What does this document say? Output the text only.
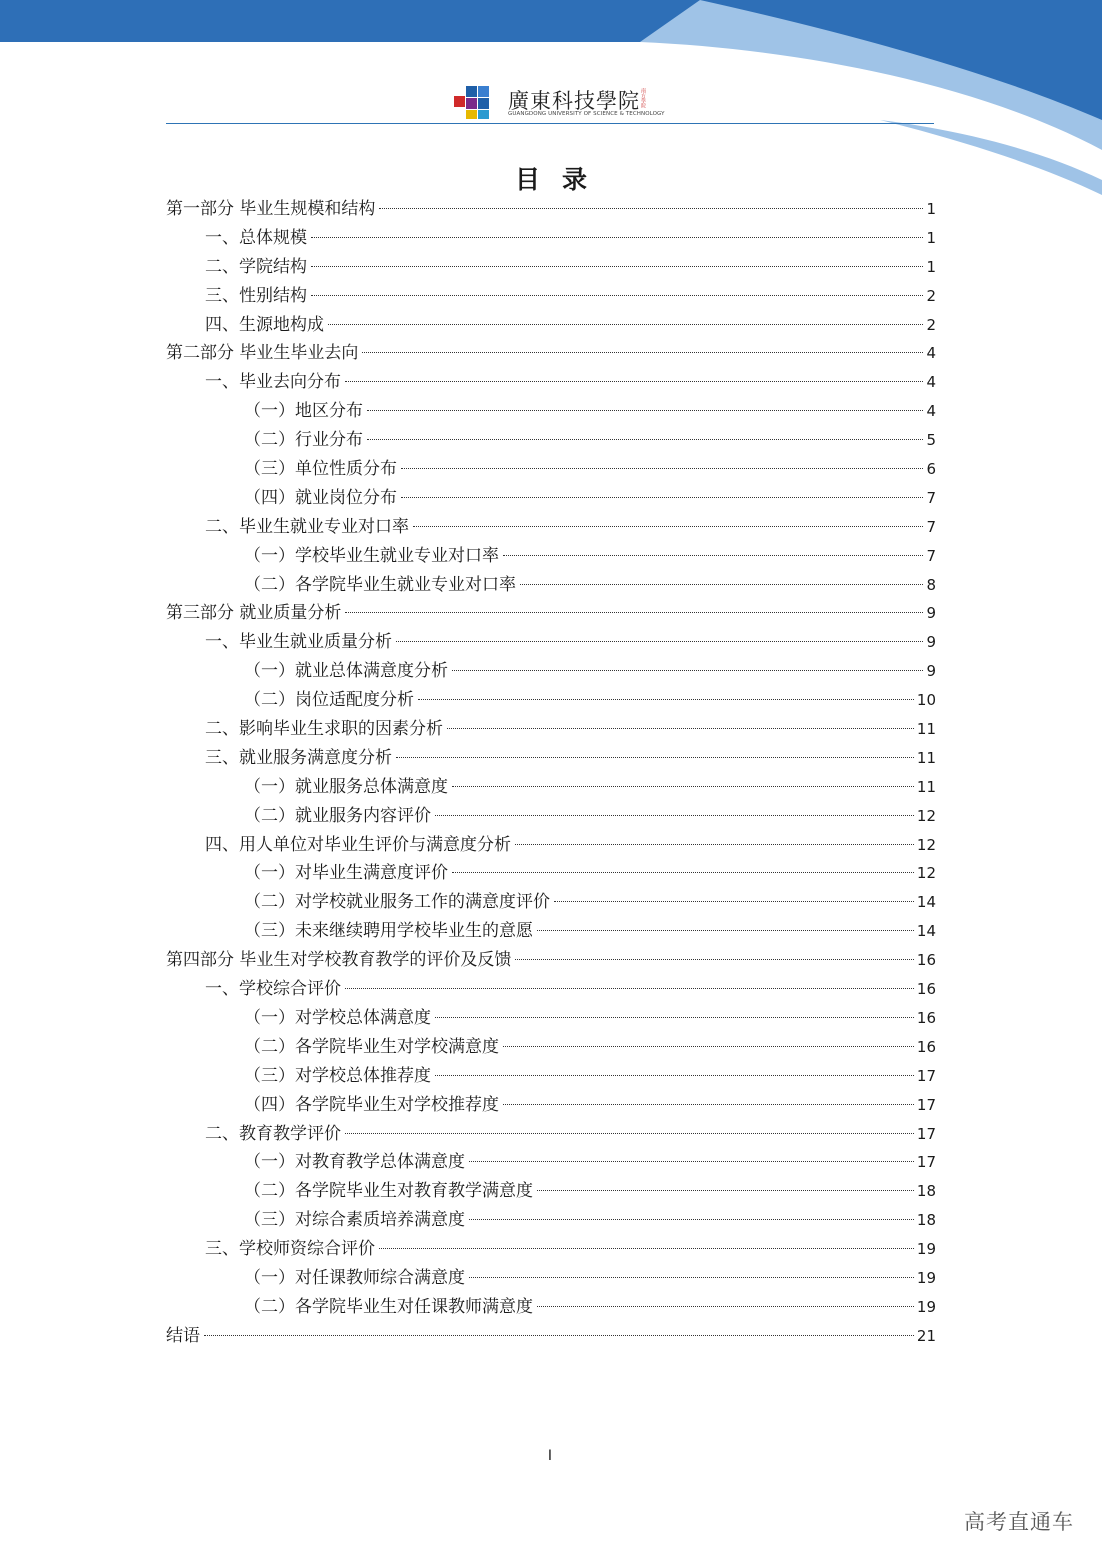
廣東科技學院
GUANGDONG UNIVERSITY OF SCIENCE & TECHNOLOGY
南方學院
目录
第一部分 毕业生规模和结构	1
一、总体规模	1
二、学院结构	1
三、性别结构	2
四、生源地构成	2
第二部分 毕业生毕业去向	4
一、毕业去向分布	4
（一）地区分布	4
（二）行业分布	5
（三）单位性质分布	6
（四）就业岗位分布	7
二、毕业生就业专业对口率	7
（一）学校毕业生就业专业对口率	7
（二）各学院毕业生就业专业对口率	8
第三部分 就业质量分析	9
一、毕业生就业质量分析	9
（一）就业总体满意度分析	9
（二）岗位适配度分析	10
二、影响毕业生求职的因素分析	11
三、就业服务满意度分析	11
（一）就业服务总体满意度	11
（二）就业服务内容评价	12
四、用人单位对毕业生评价与满意度分析	12
（一）对毕业生满意度评价	12
（二）对学校就业服务工作的满意度评价	14
（三）未来继续聘用学校毕业生的意愿	14
第四部分 毕业生对学校教育教学的评价及反馈	16
一、学校综合评价	16
（一）对学校总体满意度	16
（二）各学院毕业生对学校满意度	16
（三）对学校总体推荐度	17
（四）各学院毕业生对学校推荐度	17
二、教育教学评价	17
（一）对教育教学总体满意度	17
（二）各学院毕业生对教育教学满意度	18
（三）对综合素质培养满意度	18
三、学校师资综合评价	19
（一）对任课教师综合满意度	19
（二）各学院毕业生对任课教师满意度	19
结语	21
I
高考直通车
